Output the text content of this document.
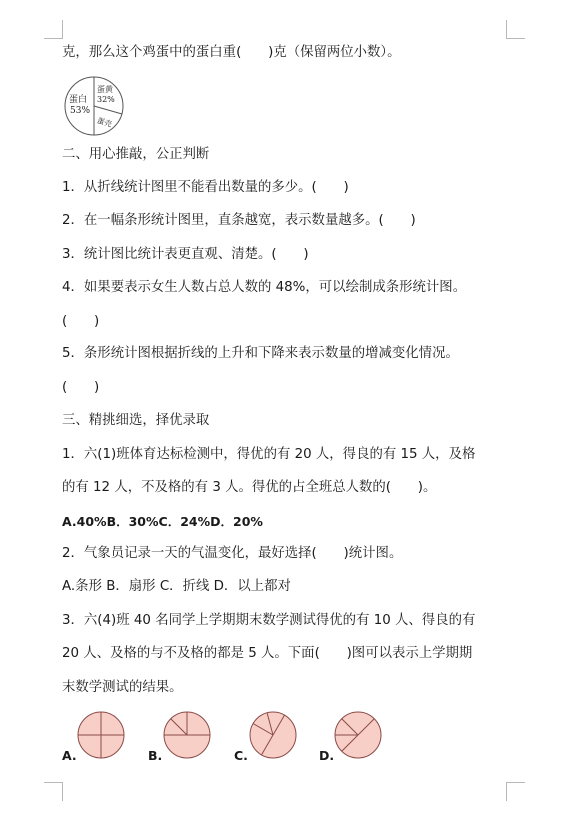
克，那么这个鸡蛋中的蛋白重(　　)克（保留两位小数）。
蛋白
53%
蛋黄
32%
蛋壳
二、用心推敲，公正判断
1．从折线统计图里不能看出数量的多少。(　　)
2．在一幅条形统计图里，直条越宽，表示数量越多。(　　)
3．统计图比统计表更直观、清楚。(　　)
4．如果要表示女生人数占总人数的 48%，可以绘制成条形统计图。
(　　)
5．条形统计图根据折线的上升和下降来表示数量的增减变化情况。
(　　)
三、精挑细选，择优录取
1．六(1)班体育达标检测中，得优的有 20 人，得良的有 15 人，及格
的有 12 人，不及格的有 3 人。得优的占全班总人数的(　　)。
A.40%B．30%C．24%D．20%
2．气象员记录一天的气温变化，最好选择(　　)统计图。
A.条形 B．扇形 C．折线 D．以上都对
3．六(4)班 40 名同学上学期期末数学测试得优的有 10 人、得良的有
20 人、及格的与不及格的都是 5 人。下面(　　)图可以表示上学期期
末数学测试的结果。
A.	B.	C.	D.
